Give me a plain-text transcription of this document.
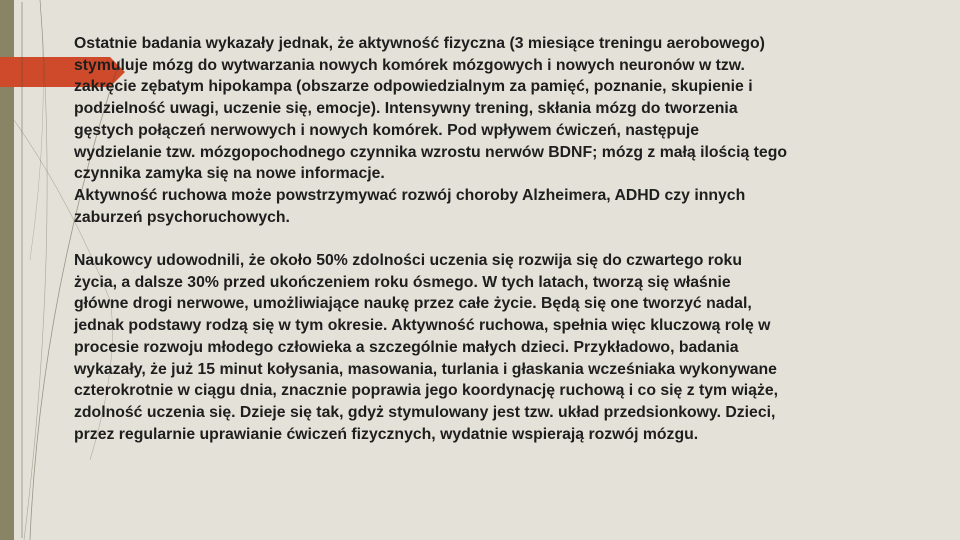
Ostatnie badania wykazały jednak, że aktywność fizyczna (3 miesiące treningu aerobowego)
stymuluje mózg do wytwarzania nowych komórek mózgowych i nowych neuronów w tzw.
zakręcie zębatym hipokampa (obszarze odpowiedzialnym za pamięć, poznanie, skupienie i
podzielność uwagi, uczenie się, emocje). Intensywny trening, skłania mózg do tworzenia
gęstych połączeń nerwowych i nowych komórek. Pod wpływem ćwiczeń, następuje
wydzielanie tzw. mózgopochodnego czynnika wzrostu nerwów BDNF; mózg z małą ilością tego
czynnika zamyka się na nowe informacje.
Aktywność ruchowa może powstrzymywać rozwój choroby Alzheimera, ADHD czy innych
zaburzeń psychoruchowych.
Naukowcy udowodnili, że około 50% zdolności uczenia się rozwija się do czwartego roku
życia, a dalsze 30% przed ukończeniem roku ósmego. W tych latach, tworzą się właśnie
główne drogi nerwowe, umożliwiające naukę przez całe życie. Będą się one tworzyć nadal,
jednak podstawy rodzą się w tym okresie. Aktywność ruchowa, spełnia więc kluczową rolę w
procesie rozwoju młodego człowieka a szczególnie małych dzieci. Przykładowo, badania
wykazały, że już 15 minut kołysania, masowania, turlania i głaskania wcześniaka wykonywane
czterokrotnie w ciągu dnia, znacznie poprawia jego koordynację ruchową i co się z tym wiąże,
zdolność uczenia się. Dzieje się tak, gdyż stymulowany jest tzw. układ przedsionkowy. Dzieci,
przez regularnie uprawianie ćwiczeń fizycznych, wydatnie wspierają rozwój mózgu.
